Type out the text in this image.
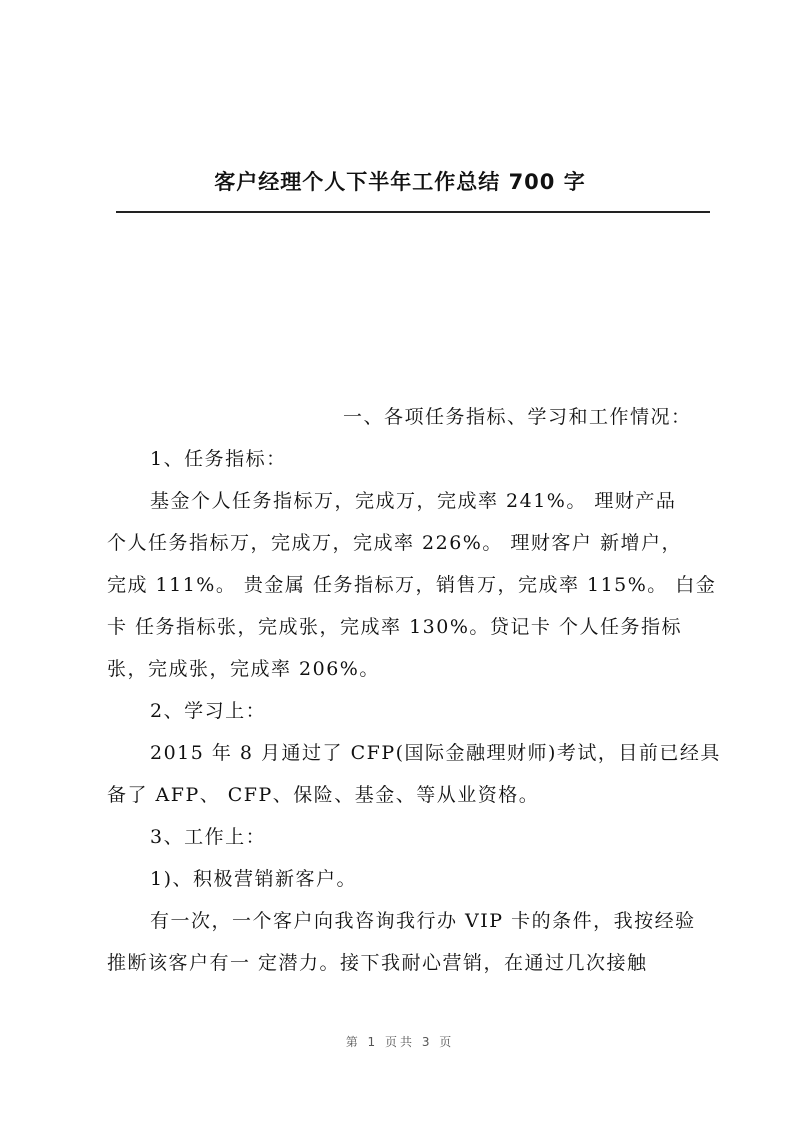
客户经理个人下半年工作总结 700 字
一、各项任务指标、学习和工作情况：
1、任务指标：
基金个人任务指标万，完成万，完成率 241%。 理财产品
个人任务指标万，完成万，完成率 226%。 理财客户 新增户，
完成 111%。 贵金属 任务指标万，销售万，完成率 115%。 白金
卡 任务指标张，完成张，完成率 130%。贷记卡 个人任务指标
张，完成张，完成率 206%。
2、学习上：
2015 年 8 月通过了 CFP(国际金融理财师)考试，目前已经具
备了 AFP、 CFP、保险、基金、等从业资格。
3、工作上：
1)、积极营销新客户。
有一次，一个客户向我咨询我行办 VIP 卡的条件，我按经验
推断该客户有一 定潜力。接下我耐心营销，在通过几次接触
第 1 页共 3 页
